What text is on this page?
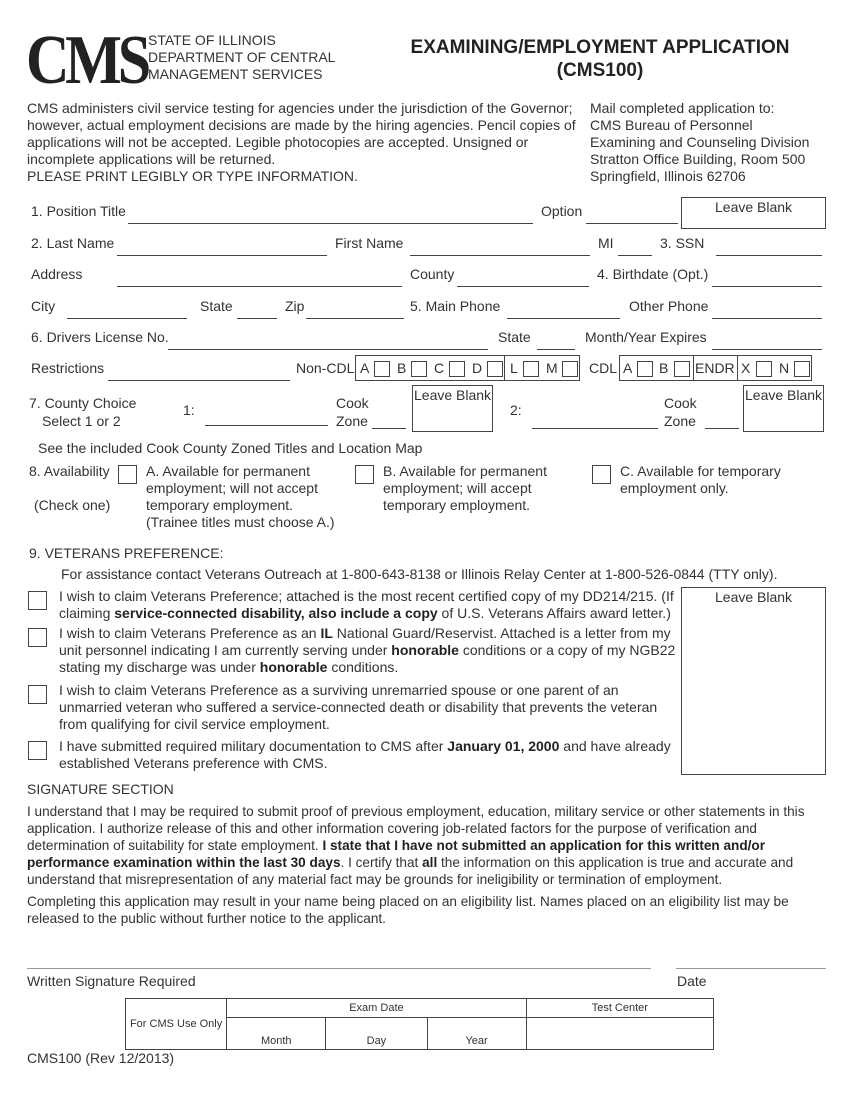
CMS STATE OF ILLINOIS
DEPARTMENT OF CENTRAL
MANAGEMENT SERVICES
EXAMINING/EMPLOYMENT APPLICATION
(CMS100)
CMS administers civil service testing for agencies under the jurisdiction of the Governor;
however, actual employment decisions are made by the hiring agencies. Pencil copies of
applications will not be accepted. Legible photocopies are accepted. Unsigned or
incomplete applications will be returned.
PLEASE PRINT LEGIBLY OR TYPE INFORMATION.
Mail completed application to:
CMS Bureau of Personnel
Examining and Counseling Division
Stratton Office Building, Room 500
Springfield, Illinois 62706
1. Position Title	Option	Leave Blank
2. Last Name	First Name	MI	3. SSN
Address	County	4. Birthdate (Opt.)
City	State	Zip	5. Main Phone	Other Phone
6. Drivers License No.	State	Month/Year Expires
Restrictions	Non-CDL A B C D L M CDL A B ENDR X N
7. County Choice
Select 1 or 2
1:	Cook
Zone
Leave Blank
2:	Cook
Zone
Leave Blank
See the included Cook County Zoned Titles and Location Map
8. Availability
(Check one)
A. Available for permanent
employment; will not accept
temporary employment.
(Trainee titles must choose A.)
B. Available for permanent
employment; will accept
temporary employment.
C. Available for temporary
employment only.
9. VETERANS PREFERENCE:
For assistance contact Veterans Outreach at 1-800-643-8138 or Illinois Relay Center at 1-800-526-0844 (TTY only).
Leave Blank
I wish to claim Veterans Preference; attached is the most recent certified copy of my DD214/215. (If
claiming service-connected disability, also include a copy of U.S. Veterans Affairs award letter.)
I wish to claim Veterans Preference as an IL National Guard/Reservist. Attached is a letter from my
unit personnel indicating I am currently serving under honorable conditions or a copy of my NGB22
stating my discharge was under honorable conditions.
I wish to claim Veterans Preference as a surviving unremarried spouse or one parent of an
unmarried veteran who suffered a service-connected death or disability that prevents the veteran
from qualifying for civil service employment.
I have submitted required military documentation to CMS after January 01, 2000 and have already
established Veterans preference with CMS.
SIGNATURE SECTION
I understand that I may be required to submit proof of previous employment, education, military service or other statements in this
application. I authorize release of this and other information covering job-related factors for the purpose of verification and
determination of suitability for state employment. I state that I have not submitted an application for this written and/or
performance examination within the last 30 days. I certify that all the information on this application is true and accurate and
understand that misrepresentation of any material fact may be grounds for ineligibility or termination of employment.
Completing this application may result in your name being placed on an eligibility list. Names placed on an eligibility list may be
released to the public without further notice to the applicant.
Written Signature Required	Date
For CMS Use Only	Exam Date			Test Center
	Month	Day	Year	
CMS100 (Rev 12/2013)
